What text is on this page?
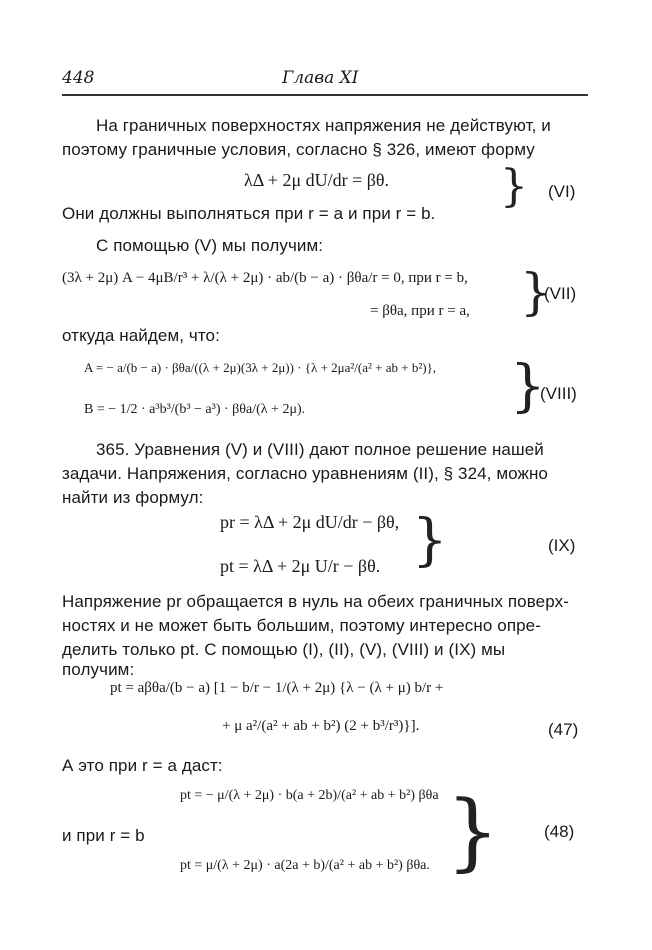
448	Глава XI
На граничных поверхностях напряжения не действуют, и
поэтому граничные условия, согласно § 326, имеют форму
λΔ + 2μ dU/dr = βθ.	} (VI)
Они должны выполняться при r = a и при r = b.
С помощью (V) мы получим:
(3λ + 2μ) A − 4μB/r³ + λ/(λ + 2μ) · ab/(b − a) · βθa/r = 0, при r = b,
= βθa, при r = a, }
(VII)
откуда найдем, что:
A = − a/(b − a) · βθa/((λ + 2μ)(3λ + 2μ)) · {λ + 2μa²/(a² + ab + b²)},
B = − 1/2 · a³b³/(b³ − a³) · βθa/(λ + 2μ).	}
(VIII)
365. Уравнения (V) и (VIII) дают полное решение нашей
задачи. Напряжения, согласно уравнениям (II), § 324, можно
найти из формул:
pr = λΔ + 2μ dU/dr − βθ,
pt = λΔ + 2μ U/r − βθ. }	(IX)
Напряжение pr обращается в нуль на обеих граничных поверх-
ностях и не может быть большим, поэтому интересно опре-
делить только pt. С помощью (I), (II), (V), (VIII) и (IX) мы
получим:
pt = aβθa/(b − a) [1 − b/r − 1/(λ + 2μ) {λ − (λ + μ) b/r +
+ μ a²/(a² + ab + b²) (2 + b³/r³)}].	(47)
А это при r = a даст:
pt = − μ/(λ + 2μ) · b(a + 2b)/(a² + ab + b²) βθa
и при r = b
pt = μ/(λ + 2μ) · a(2a + b)/(a² + ab + b²) βθa. }	(48)
